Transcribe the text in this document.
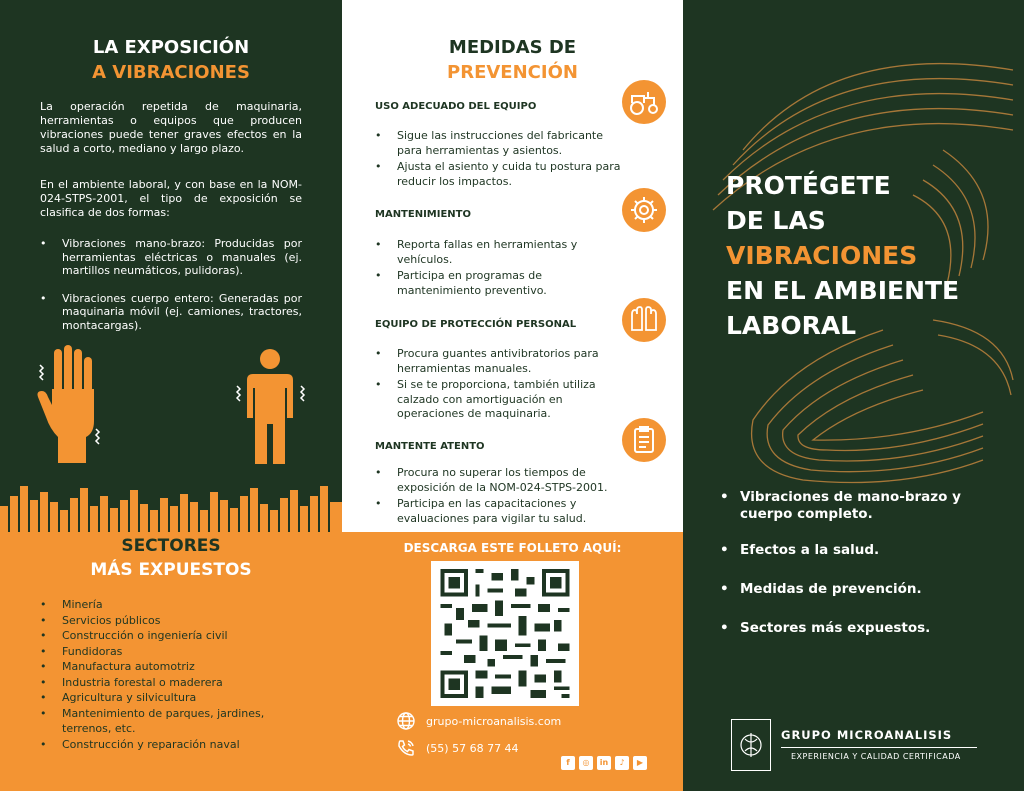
LA EXPOSICIÓN
A VIBRACIONES

La operación repetida de maquinaria, herramientas o equipos que producen vibraciones puede tener graves efectos en la salud a corto, mediano y largo plazo.

En el ambiente laboral, y con base en la NOM-024-STPS-2001, el tipo de exposición se clasifica de dos formas:

• Vibraciones mano-brazo: Producidas por herramientas eléctricas o manuales (ej. martillos neumáticos, pulidoras).
• Vibraciones cuerpo entero: Generadas por maquinaria móvil (ej. camiones, tractores, montacargas).
SECTORES
MÁS EXPUESTOS
• Minería
• Servicios públicos
• Construcción o ingeniería civil
• Fundidoras
• Manufactura automotriz
• Industria forestal o maderera
• Agricultura y silvicultura
• Mantenimiento de parques, jardines, terrenos, etc.
• Construcción y reparación naval
MEDIDAS DE
PREVENCIÓN
USO ADECUADO DEL EQUIPO
• Sigue las instrucciones del fabricante para herramientas y asientos.
• Ajusta el asiento y cuida tu postura para reducir los impactos.
MANTENIMIENTO
• Reporta fallas en herramientas y vehículos.
• Participa en programas de mantenimiento preventivo.
EQUIPO DE PROTECCIÓN PERSONAL
• Procura guantes antivibratorios para herramientas manuales.
• Si se te proporciona, también utiliza calzado con amortiguación en operaciones de maquinaria.
MANTENTE ATENTO
• Procura no superar los tiempos de exposición de la NOM-024-STPS-2001.
• Participa en las capacitaciones y evaluaciones para vigilar tu salud.
DESCARGA ESTE FOLLETO AQUÍ:
grupo-microanalisis.com
(55) 57 68 77 44
f	◎	in	♪	▶
PROTÉGETE
DE LAS
VIBRACIONES
EN EL AMBIENTE
LABORAL
• Vibraciones de mano-brazo y cuerpo completo.
• Efectos a la salud.
• Medidas de prevención.
• Sectores más expuestos.
GRUPO MICROANALISIS
EXPERIENCIA Y CALIDAD CERTIFICADA
